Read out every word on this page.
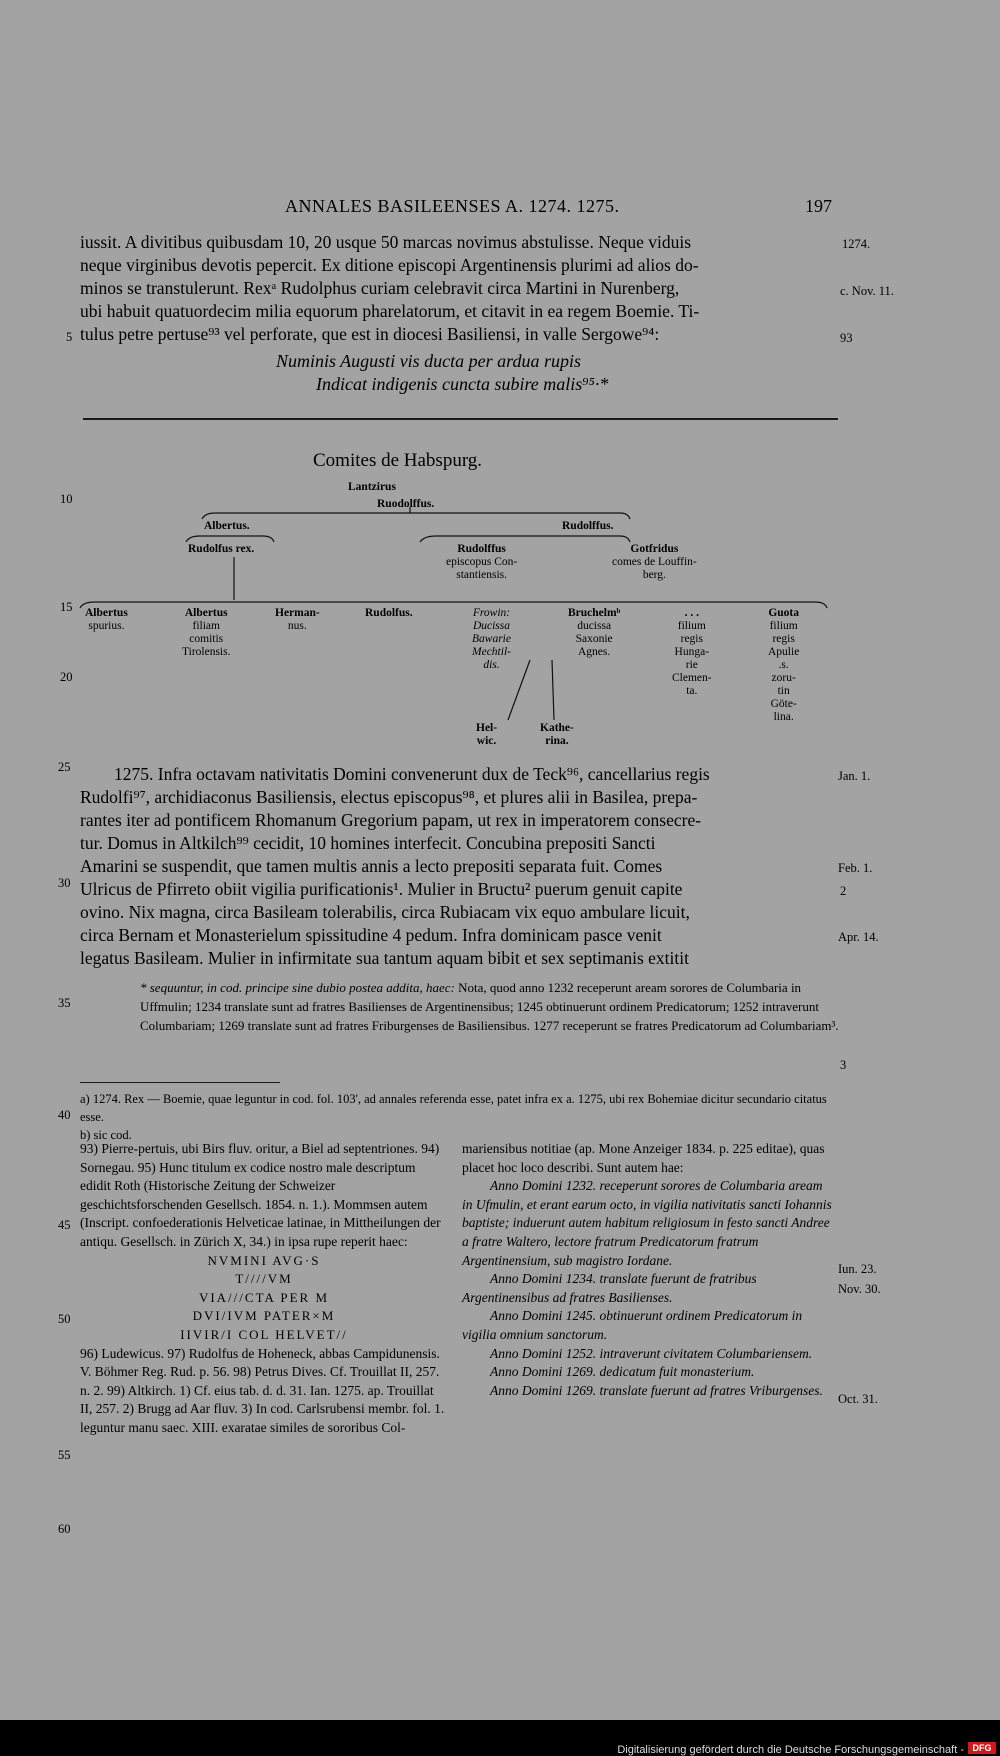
ANNALES BASILEENSES A. 1274. 1275.	197
iussit. A divitibus quibusdam 10, 20 usque 50 marcas novimus abstulisse. Neque viduis
neque virginibus devotis pepercit. Ex ditione episcopi Argentinensis plurimi ad alios do-
minos se transtulerunt. Rexᵃ Rudolphus curiam celebravit circa Martini in Nurenberg,
ubi habuit quatuordecim milia equorum pharelatorum, et citavit in ea regem Boemie. Ti-
tulus petre pertuse⁹³ vel perforate, que est in diocesi Basiliensi, in valle Sergowe⁹⁴:
Numinis Augusti vis ducta per ardua rupis
Indicat indigenis cuncta subire malis⁹⁵·*
1274.
c. Nov. 11.
93
5
10
15
20
25
30
35
40
45
50
55
60
Comites de Habspurg.
Lantzirus
Ruodolffus.
Albertus.	Rudolffus.
Rudolfus rex.	Rudolffus
episcopus Con-
stantiensis.
Gotfridus
comes de Louffin-
berg.
Albertus
spurius.
Albertus
filiam
comitis
Tirolensis.
Herman-
nus.
Rudolfus.	Frowin:
Ducissa
Bawarie
Mechtil-
dis.
Bruchelmᵇ
ducissa
Saxonie
Agnes.
. . .
filium
regis
Hunga-
rie
Clemen-
ta.
Guota
filium
regis
Apulie
.s.
zoru-
tin
Göte-
lina.
Hel-
wic.
Kathe-
rina.
1275. Infra octavam nativitatis Domini convenerunt dux de Teck⁹⁶, cancellarius regis
Rudolfi⁹⁷, archidiaconus Basiliensis, electus episcopus⁹⁸, et plures alii in Basilea, prepa-
rantes iter ad pontificem Rhomanum Gregorium papam, ut rex in imperatorem consecre-
tur. Domus in Altkilch⁹⁹ cecidit, 10 homines interfecit. Concubina prepositi Sancti
Amarini se suspendit, que tamen multis annis a lecto prepositi separata fuit. Comes
Ulricus de Pfirreto obiit vigilia purificationis¹. Mulier in Bructu² puerum genuit capite
ovino. Nix magna, circa Basileam tolerabilis, circa Rubiacam vix equo ambulare licuit,
circa Bernam et Monasterielum spissitudine 4 pedum. Infra dominicam pasce venit
legatus Basileam. Mulier in infirmitate sua tantum aquam bibit et sex septimanis extitit
Jan. 1.
Feb. 1.
2
Apr. 14.
* sequuntur, in cod. principe sine dubio postea addita, haec: Nota, quod anno 1232 receperunt aream sorores de Columbaria in Uffmulin; 1234 translate sunt ad fratres Basilienses de Argentinensibus; 1245 obtinuerunt ordinem Predicatorum; 1252 intraverunt Columbariam; 1269 translate sunt ad fratres Friburgenses de Basiliensibus. 1277 receperunt se fratres Predicatorum ad Columbariam³.
3
a) 1274. Rex — Boemie, quae leguntur in cod. fol. 103', ad annales referenda esse, patet infra ex a. 1275, ubi rex Bohemiae dicitur secundario citatus esse.
b) sic cod.

93) Pierre-pertuis, ubi Birs fluv. oritur, a Biel ad septentriones. 94) Sornegau. 95) Hunc titulum ex codice nostro male descriptum edidit Roth (Historische Zeitung der Schweizer geschichtsforschenden Gesellsch. 1854. n. 1.). Mommsen autem (Inscript. confoederationis Helveticae latinae, in Mittheilungen der antiqu. Gesellsch. in Zürich X, 34.) in ipsa rupe reperit haec:

NVMINI AVG·S
T////VM
VIA///CTA PER M
DVI/IVM PATER×M
IIVIR/I COL HELVET//

96) Ludewicus. 97) Rudolfus de Hoheneck, abbas Campidunensis. V. Böhmer Reg. Rud. p. 56. 98) Petrus Dives. Cf. Trouillat II, 257. n. 2. 99) Altkirch. 1) Cf. eius tab. d. d. 31. Ian. 1275. ap. Trouillat II, 257. 2) Brugg ad Aar fluv. 3) In cod. Carlsrubensi membr. fol. 1. leguntur manu saec. XIII. exaratae similes de sororibus Col-

mariensibus notitiae (ap. Mone Anzeiger 1834. p. 225 editae), quas placet hoc loco describi. Sunt autem hae:

Anno Domini 1232. receperunt sorores de Columbaria aream in Ufmulin, et erant earum octo, in vigilia nativitatis sancti Iohannis baptiste; induerunt autem habitum religiosum in festo sancti Andree a fratre Waltero, lectore fratrum Predicatorum fratrum Argentinensium, sub magistro Iordane.

Anno Domini 1234. translate fuerunt de fratribus Argentinensibus ad fratres Basilienses.

Anno Domini 1245. obtinuerunt ordinem Predicatorum in vigilia omnium sanctorum.

Anno Domini 1252. intraverunt civitatem Columbariensem.

Anno Domini 1269. dedicatum fuit monasterium.

Anno Domini 1269. translate fuerunt ad fratres Vriburgenses.

Iun. 23.
Nov. 30.
Oct. 31.
Digitalisierung gefördert durch die Deutsche Forschungsgemeinschaft - DFG
